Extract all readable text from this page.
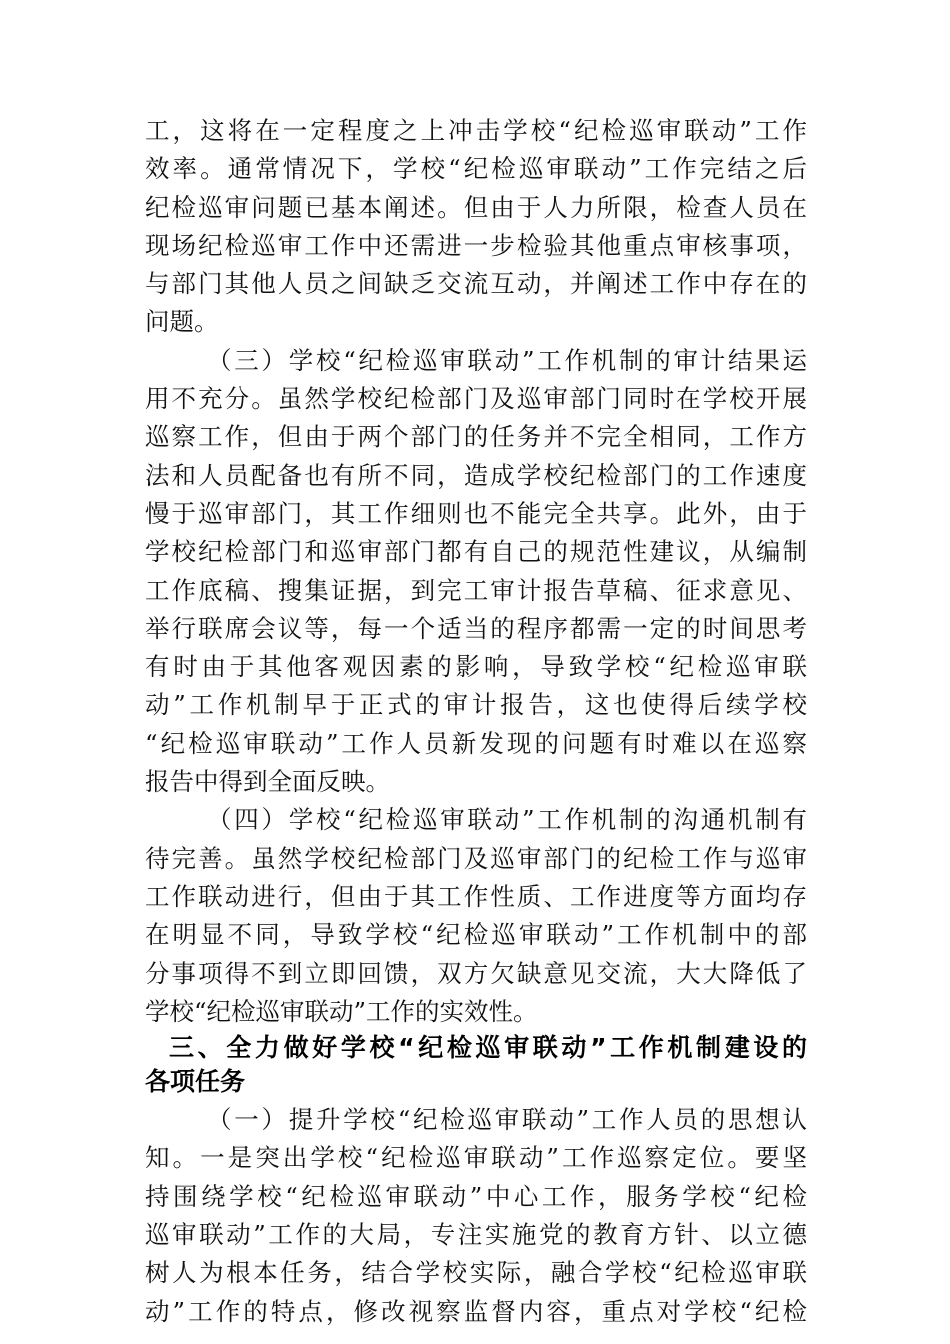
工，这将在一定程度之上冲击学校“纪检巡审联动”工作
效率。通常情况下，学校“纪检巡审联动”工作完结之后
纪检巡审问题已基本阐述。但由于人力所限，检查人员在
现场纪检巡审工作中还需进一步检验其他重点审核事项，
与部门其他人员之间缺乏交流互动，并阐述工作中存在的
问题。
（三）学校“纪检巡审联动”工作机制的审计结果运
用不充分。虽然学校纪检部门及巡审部门同时在学校开展
巡察工作，但由于两个部门的任务并不完全相同，工作方
法和人员配备也有所不同，造成学校纪检部门的工作速度
慢于巡审部门，其工作细则也不能完全共享。此外，由于
学校纪检部门和巡审部门都有自己的规范性建议，从编制
工作底稿、搜集证据，到完工审计报告草稿、征求意见、
举行联席会议等，每一个适当的程序都需一定的时间思考
有时由于其他客观因素的影响，导致学校“纪检巡审联
动”工作机制早于正式的审计报告，这也使得后续学校
“纪检巡审联动”工作人员新发现的问题有时难以在巡察
报告中得到全面反映。
（四）学校“纪检巡审联动”工作机制的沟通机制有
待完善。虽然学校纪检部门及巡审部门的纪检工作与巡审
工作联动进行，但由于其工作性质、工作进度等方面均存
在明显不同，导致学校“纪检巡审联动”工作机制中的部
分事项得不到立即回馈，双方欠缺意见交流，大大降低了
学校“纪检巡审联动”工作的实效性。
三、全力做好学校“纪检巡审联动”工作机制建设的
各项任务
（一）提升学校“纪检巡审联动”工作人员的思想认
知。一是突出学校“纪检巡审联动”工作巡察定位。要坚
持围绕学校“纪检巡审联动”中心工作，服务学校“纪检
巡审联动”工作的大局，专注实施党的教育方针、以立德
树人为根本任务，结合学校实际，融合学校“纪检巡审联
动”工作的特点，修改视察监督内容，重点对学校“纪检
